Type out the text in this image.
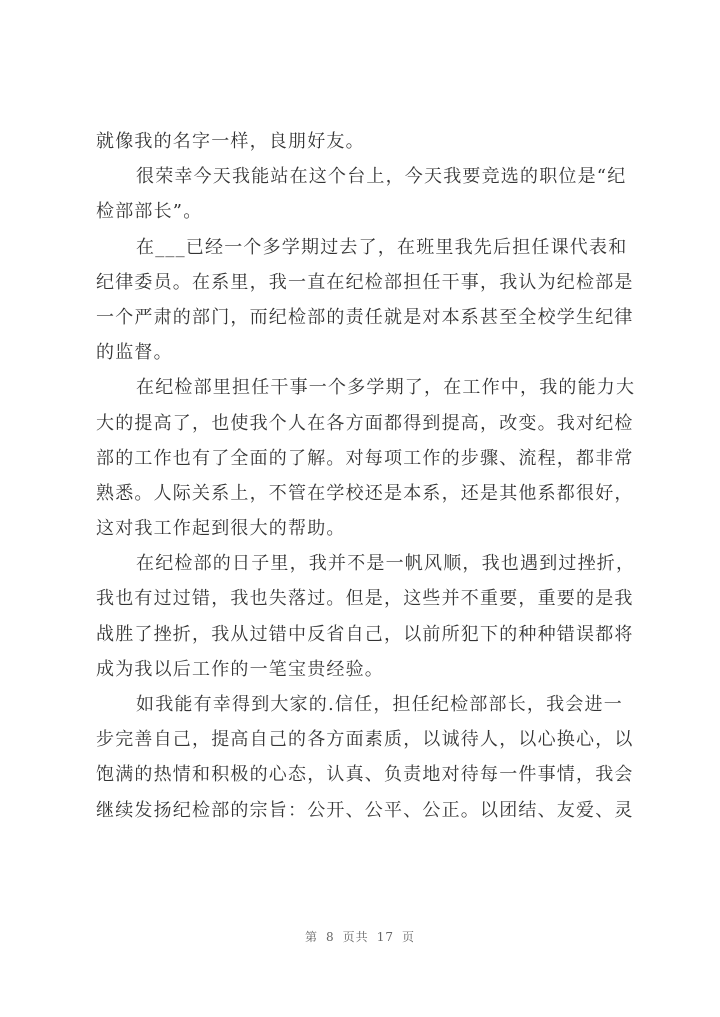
就像我的名字一样，良朋好友。
很荣幸今天我能站在这个台上，今天我要竞选的职位是“纪
检部部长”。
在___已经一个多学期过去了，在班里我先后担任课代表和
纪律委员。在系里，我一直在纪检部担任干事，我认为纪检部是
一个严肃的部门，而纪检部的责任就是对本系甚至全校学生纪律
的监督。
在纪检部里担任干事一个多学期了，在工作中，我的能力大
大的提高了，也使我个人在各方面都得到提高，改变。我对纪检
部的工作也有了全面的了解。对每项工作的步骤、流程，都非常
熟悉。人际关系上，不管在学校还是本系，还是其他系都很好，
这对我工作起到很大的帮助。
在纪检部的日子里，我并不是一帆风顺，我也遇到过挫折，
我也有过过错，我也失落过。但是，这些并不重要，重要的是我
战胜了挫折，我从过错中反省自己，以前所犯下的种种错误都将
成为我以后工作的一笔宝贵经验。
如我能有幸得到大家的.信任，担任纪检部部长，我会进一
步完善自己，提高自己的各方面素质，以诚待人，以心换心，以
饱满的热情和积极的心态，认真、负责地对待每一件事情，我会
继续发扬纪检部的宗旨：公开、公平、公正。以团结、友爱、灵
第 8 页共 17 页
